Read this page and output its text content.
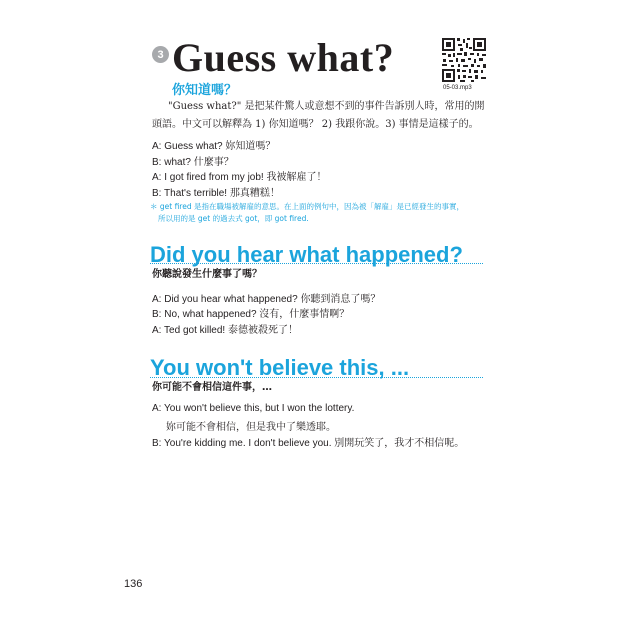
3 Guess what?
你知道嗎？	05-03.mp3
"Guess what?" 是把某件驚人或意想不到的事件告訴別人時，常用的開頭語。中文可以解釋為 1) 你知道嗎？ 2) 我跟你說。3) 事情是這樣子的。
A: Guess what? 妳知道嗎？
B: what? 什麼事？
A: I got fired from my job! 我被解雇了！
B: That's terrible! 那真糟糕！
＊ get fired 是指在職場被解雇的意思。在上面的例句中，因為被「解雇」是已經發生的事實，
所以用的是 get 的過去式 got，即 got fired.
Did you hear what happened?
你聽說發生什麼事了嗎？
A: Did you hear what happened? 你聽到消息了嗎？
B: No, what happened? 沒有，什麼事情啊？
A: Ted got killed! 泰德被殺死了！
You won't believe this, ...
你可能不會相信這件事，…
A: You won't believe this, but I won the lottery.
妳可能不會相信，但是我中了樂透耶。
B: You're kidding me. I don't believe you. 別開玩笑了，我才不相信呢。
136
